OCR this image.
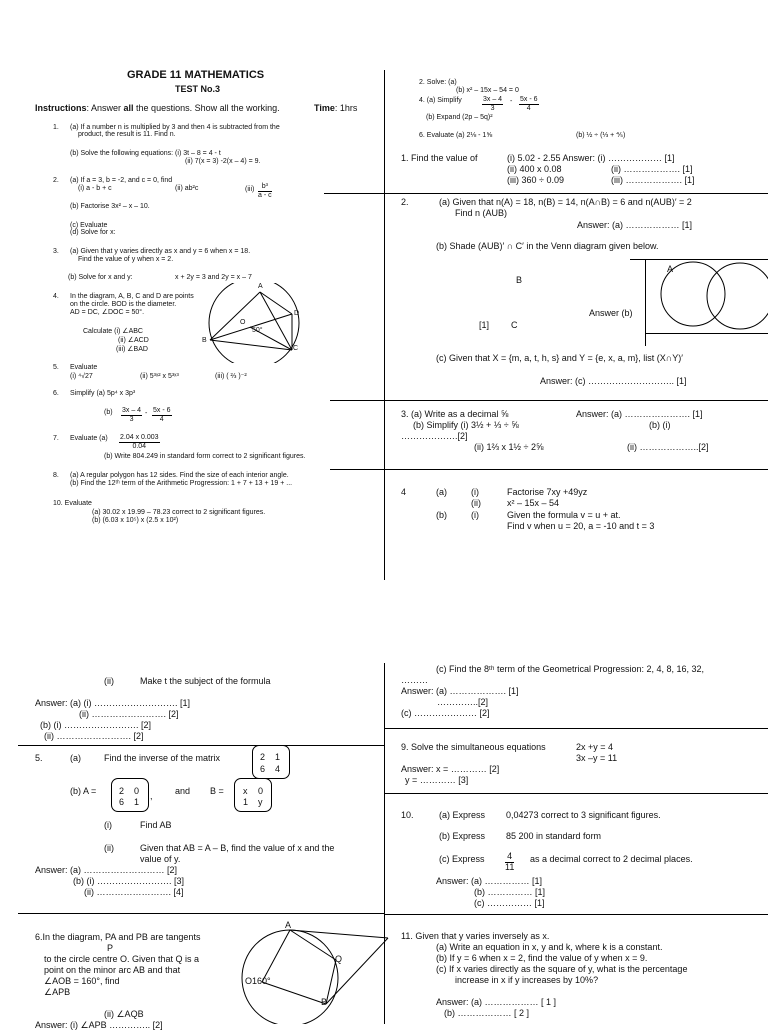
GRADE 11 MATHEMATICS
TEST No.3
Instructions: Answer all the questions. Show all the working.	Time: 1hrs
1. (a) If a number n is multiplied by 3 and then 4 is subtracted from the
product, the result is 11. Find n.
(b) Solve the following equations: (i) 3t – 8 = 4 - t
(ii) 7(x = 3) -2(x – 4) = 9.
2. (a) If a = 3, b = -2, and c = 0, find
(i) a - b + c	(ii) ab²c	$(iii) \frac{\text{b³}}{a - c}$
(b) Factorise 3x² – x – 10.
(c) Evaluate
(d) Solve for x:
3. (a) Given that y varies directly as x and y = 6 when x = 18.
Find the value of y when x = 2.
(b) Solve for x and y:	x + 2y = 3 and 2y = x – 7
4. In the diagram, A, B, C and D are points
on the circle. BOD is the diameter.
AD = DC, ∠DOC = 50°.
Calculate (i) ∠ABC
(ii) ∠ACD
(iii) ∠BAD
A
B
C
D
O
50°
5. Evaluate
(i) ⁴√27	(ii) 5³ˣ² x 5³ˣ³	(iii) ( ⅔ )⁻²
6. Simplify (a) 5p⁴ x 3p³
$(b) \frac{3x - 4}{3} - \frac{5x - 6}{4}$
7. Evaluate $(a) \frac{2.04 x 0.003}{0.04}$
(b) Write 804.249 in standard form correct to 2 significant figures.
8. (a) A regular polygon has 12 sides. Find the size of each interior angle.
(b) Find the 12ᵗʰ term of the Arithmetic Progression: 1 + 7 + 13 + 19 + ...
10. Evaluate
(a) 30.02 x 19.99 – 78.23 correct to 2 significant figures.
(b) (6.03 x 10⁵) x (2.5 x 10²)
2. Solve: (a)
(b) x² – 15x – 54 = 0
4. (a) Simplify	$\frac{3x - 4}{3} - \frac{5x - 6}{4}$
(b) Expand (2p – 5q)²
6. Evaluate (a) 2⅛ - 1⅝	(b) ½ ÷ (⅓ + ⅘)
1. Find the value of	(i) 5.02 - 2.55 Answer: (i) ……………… [1]
(ii) 400 x 0.08	(ii) ………………. [1]
(iii) 360 ÷ 0.09	(iii) ………………. [1]
2.	(a) Given that n(A) = 18, n(B) = 14, n(A∩B) = 6 and n(AUB)′ = 2
Find n (AUB)
Answer: (a) ……………… [1]
(b) Shade (AUB)′ ∩ C′ in the Venn diagram given below.
A
B
[1] C
Answer (b)
(c) Given that X = {m, a, t, h, s} and Y = {e, x, a, m}, list (X∩Y)′
Answer: (c) ……………………….. [1]
3. (a) Write as a decimal ⅝	Answer: (a) …………………. [1]
(b) Simplify (i) 3½ + ⅓ ÷ ⅝	(b) (i)
……………….[2]
(ii) 1⅔ x 1½ ÷ 2⅝	(ii) ………………..[2]
4	(a)	(i)	Factorise 7xy +49yz
(ii)	x² – 15x – 54
(b)	(i)	Given the formula v = u + at.
Find v when u = 20, a = -10 and t = 3
(ii)	Make t the subject of the formula
Answer: (a) (i) ………………………. [1]
(ii) ……………………. [2]
(b) (i) ……………………. [2]
(ii) ……………………. [2]
5.	(a)	Find the inverse of the matrix	2 1
6 4
(b) A =	2 0
6 1
, and B = x 0
1 y
(i)	Find AB
(ii)	Given that AB = A – B, find the value of x and the
value of y.
Answer: (a) ……………………… [2]
(b) (i) ……………………. [3]
(ii) ……………………. [4]
6.In the diagram, PA and PB are tangents
P
to the circle centre O. Given that Q is a
point on the minor arc AB and that
∠AOB = 160°, find
∠APB
(ii) ∠AQB
Answer: (i) ∠APB ………….. [2]
A
O160°
Q
B
(c) Find the 8ᵗʰ term of the Geometrical Progression: 2, 4, 8, 16, 32,
………
Answer: (a) ………………. [1]
…………..[2]
(c) ………………… [2]
9. Solve the simultaneous equations	2x +y = 4
3x –y = 11
Answer: x = ………… [2]
y = ………… [3]
10.	(a) Express 0,04273 correct to 3 significant figures.
(b) Express 85 200 in standard form
(c) Express $\frac{4}{11}$ as a decimal correct to 2 decimal places.
Answer: (a) …………… [1]
(b) …………… [1]
(c) …………… [1]
11. Given that y varies inversely as x.
(a) Write an equation in x, y and k, where k is a constant.
(b) If y = 6 when x = 2, find the value of y when x = 9.
(c) If x varies directly as the square of y, what is the percentage
increase in x if y increases by 10%?
Answer: (a) ……………… [ 1 ]
(b) ……………… [ 2 ]
